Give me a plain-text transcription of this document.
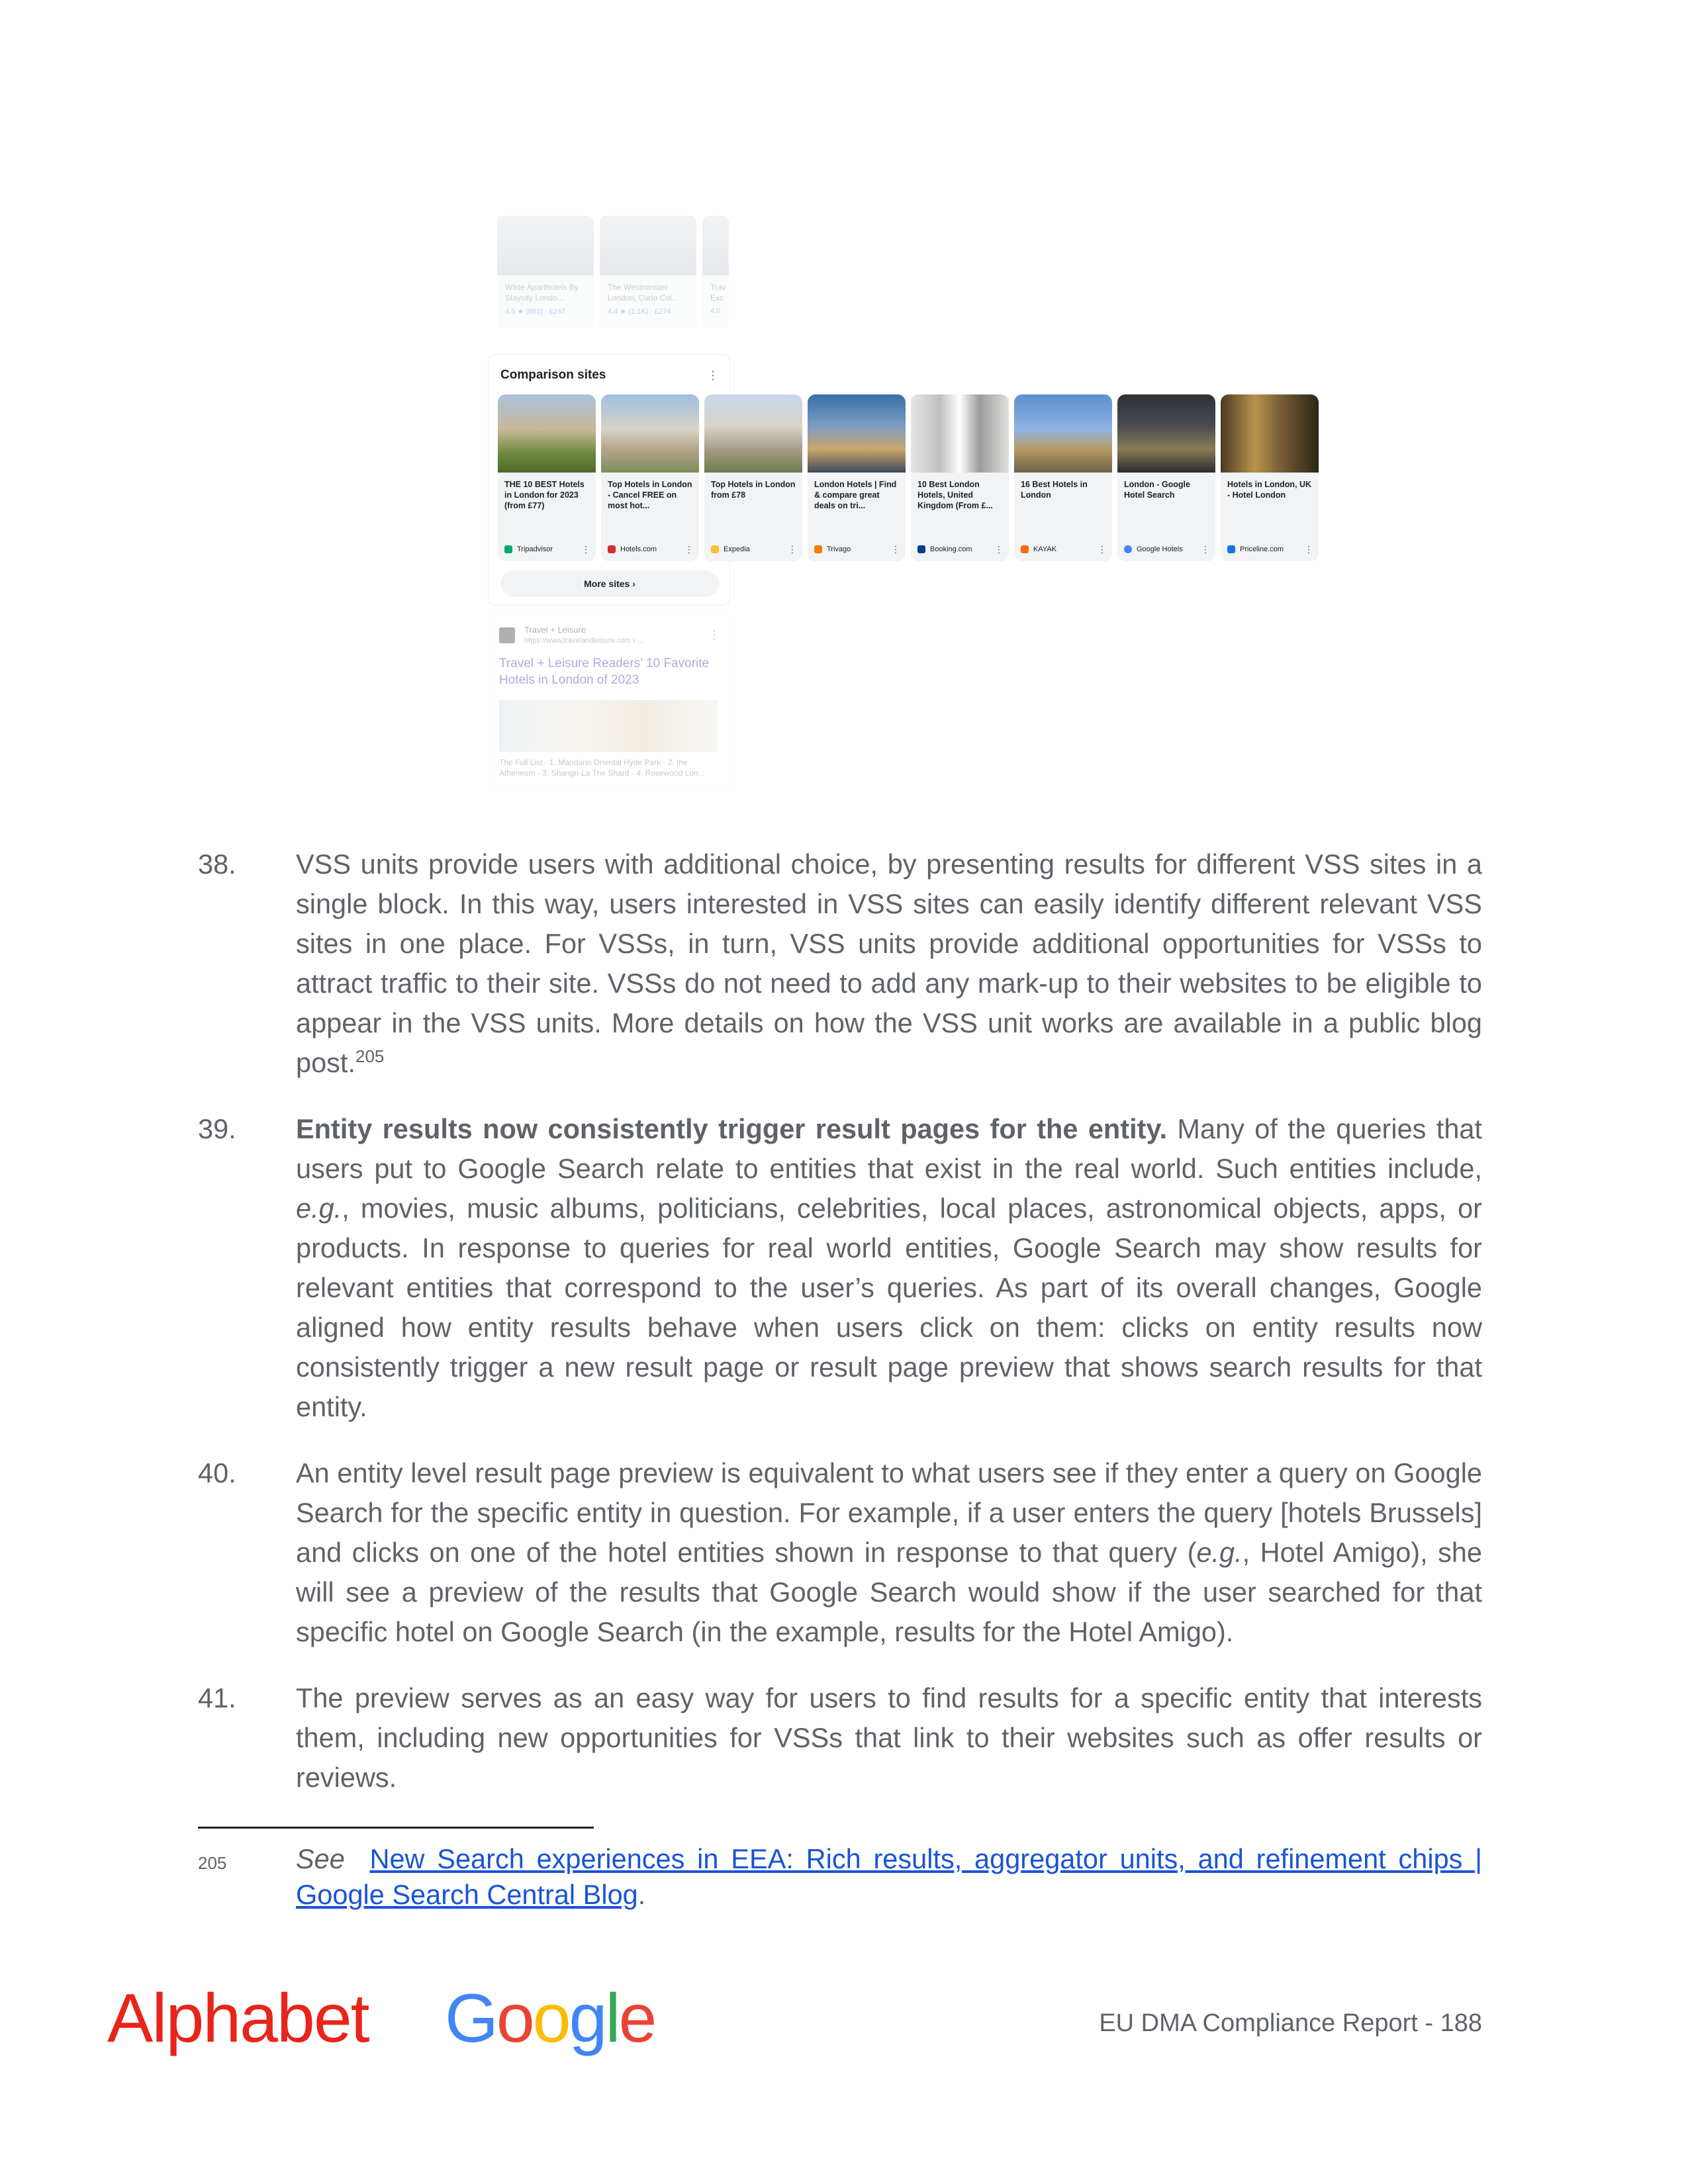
Wilde Aparthotels By Staycity Londo...
4.5 ★ (881) · £247
The Westminster London, Curio Col...
4.4 ★ (1.1K) · £274
Trav Exc
4.0
Comparison sites	⋮
THE 10 BEST Hotels in London for 2023 (from £77)
Tripadvisor	⋮
Top Hotels in London - Cancel FREE on most hot...
Hotels.com	⋮
Top Hotels in London from £78
Expedia	⋮
London Hotels | Find & compare great deals on tri...
Trivago	⋮
10 Best London Hotels, United Kingdom (From £...
Booking.com	⋮
16 Best Hotels in London
KAYAK	⋮
London - Google Hotel Search
Google Hotels	⋮
Hotels in London, UK - Hotel London
Priceline.com	⋮
More sites ›
Travel + Leisure
https://www.travelandleisure.com › ...	⋮
Travel + Leisure Readers' 10 Favorite Hotels in London of 2023
The Full List · 1. Mandarin Oriental Hyde Park · 2. the Atheneum · 3. Shangri-La The Shard · 4. Rosewood Lon...
38. VSS units provide users with additional choice, by presenting results for different VSS sites in a single block. In this way, users interested in VSS sites can easily identify different relevant VSS sites in one place. For VSSs, in turn, VSS units provide additional opportunities for VSSs to attract traffic to their site. VSSs do not need to add any mark-up to their websites to be eligible to appear in the VSS units. More details on how the VSS unit works are available in a public blog post.$^{205}$
39. Entity results now consistently trigger result pages for the entity. Many of the queries that users put to Google Search relate to entities that exist in the real world. Such entities include, e.g., movies, music albums, politicians, celebrities, local places, astronomical objects, apps, or products. In response to queries for real world entities, Google Search may show results for relevant entities that correspond to the user’s queries. As part of its overall changes, Google aligned how entity results behave when users click on them: clicks on entity results now consistently trigger a new result page or result page preview that shows search results for that entity.
40. An entity level result page preview is equivalent to what users see if they enter a query on Google Search for the specific entity in question. For example, if a user enters the query [hotels Brussels] and clicks on one of the hotel entities shown in response to that query (e.g., Hotel Amigo), she will see a preview of the results that Google Search would show if the user searched for that specific hotel on Google Search (in the example, results for the Hotel Amigo).
41. The preview serves as an easy way for users to find results for a specific entity that interests them, including new opportunities for VSSs that link to their websites such as offer results or reviews.
205	See New Search experiences in EEA: Rich results, aggregator units, and refinement chips | Google Search Central Blog.
Alphabet Google	EU DMA Compliance Report - 188
